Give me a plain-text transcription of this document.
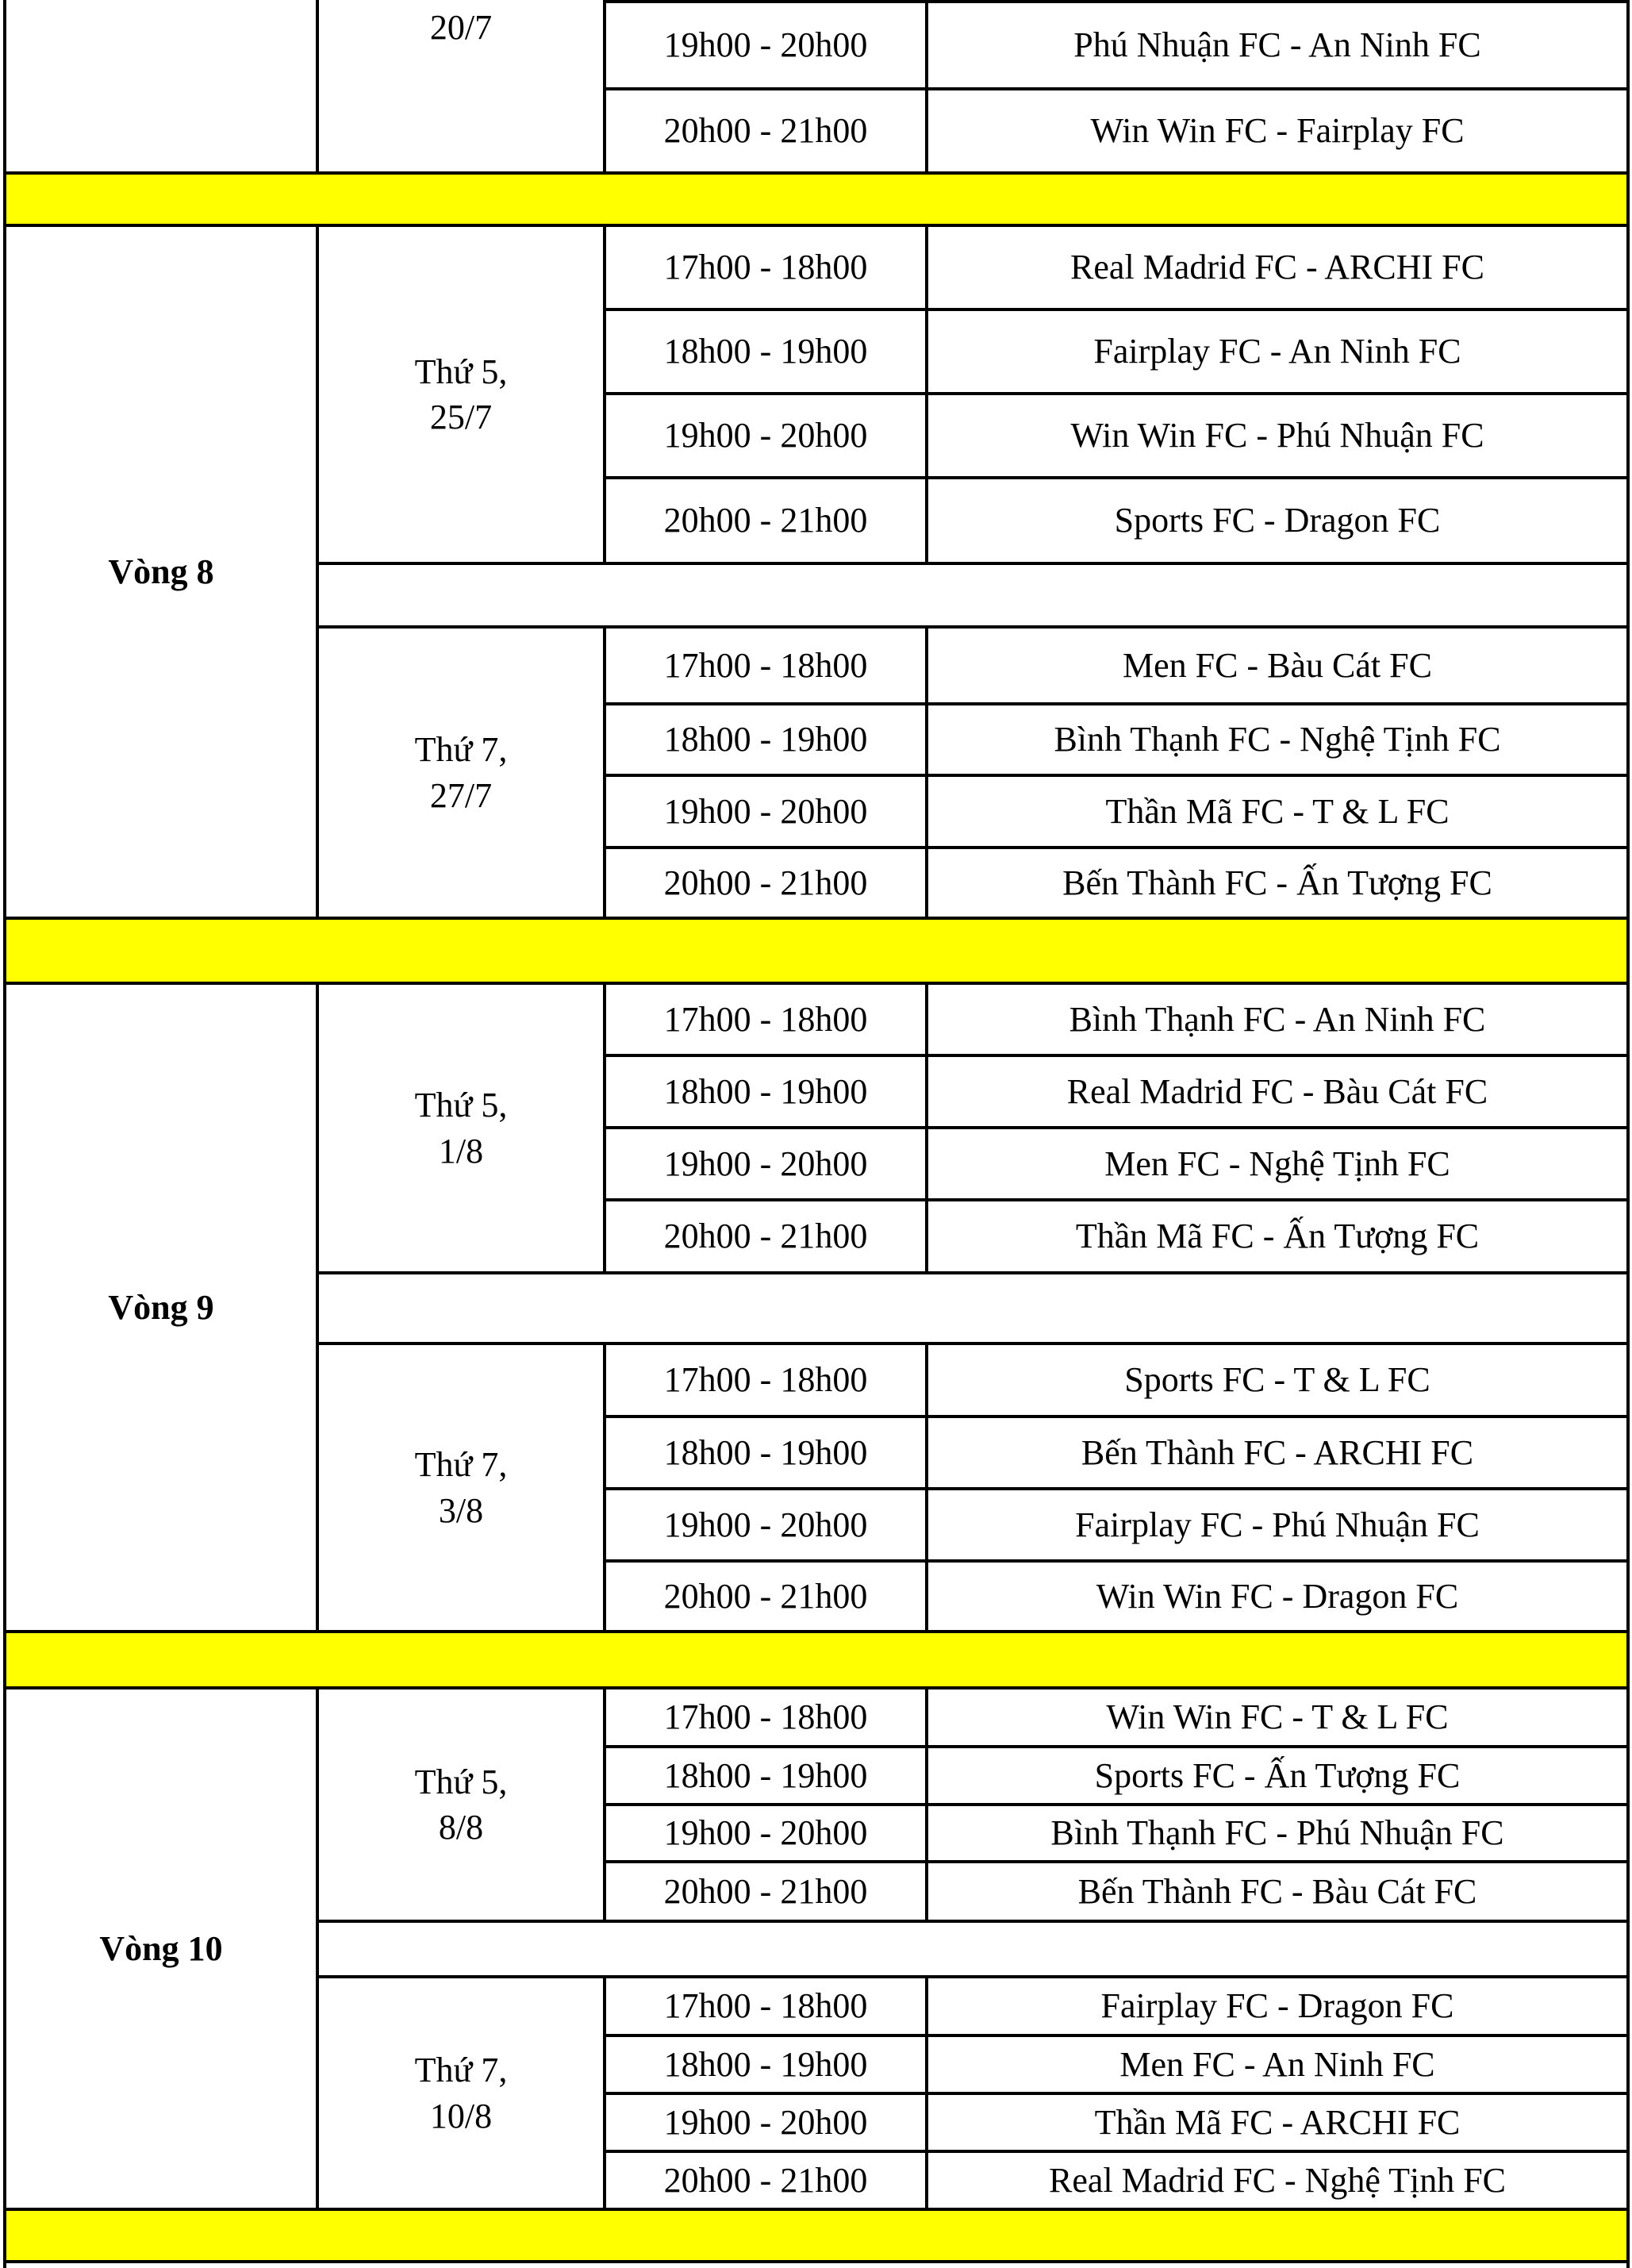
20/7	19h00 - 20h00	Phú Nhuận FC - An Ninh FC
20h00 - 21h00	Win Win FC - Fairplay FC
Vòng 8
Thứ 5,
25/7
17h00 - 18h00	Real Madrid FC - ARCHI FC
18h00 - 19h00	Fairplay FC - An Ninh FC
19h00 - 20h00	Win Win FC - Phú Nhuận FC
20h00 - 21h00	Sports FC - Dragon FC
Thứ 7,
27/7
17h00 - 18h00	Men FC - Bàu Cát FC
18h00 - 19h00	Bình Thạnh FC - Nghệ Tịnh FC
19h00 - 20h00	Thần Mã FC - T & L FC
20h00 - 21h00	Bến Thành FC - Ấn Tượng FC
Vòng 9
Thứ 5,
1/8
17h00 - 18h00	Bình Thạnh FC - An Ninh FC
18h00 - 19h00	Real Madrid FC - Bàu Cát FC
19h00 - 20h00	Men FC - Nghệ Tịnh FC
20h00 - 21h00	Thần Mã FC - Ấn Tượng FC
Thứ 7,
3/8
17h00 - 18h00	Sports FC - T & L FC
18h00 - 19h00	Bến Thành FC - ARCHI FC
19h00 - 20h00	Fairplay FC - Phú Nhuận FC
20h00 - 21h00	Win Win FC - Dragon FC
Vòng 10
Thứ 5,
8/8
17h00 - 18h00	Win Win FC - T & L FC
18h00 - 19h00	Sports FC - Ấn Tượng FC
19h00 - 20h00	Bình Thạnh FC - Phú Nhuận FC
20h00 - 21h00	Bến Thành FC - Bàu Cát FC
Thứ 7,
10/8
17h00 - 18h00	Fairplay FC - Dragon FC
18h00 - 19h00	Men FC - An Ninh FC
19h00 - 20h00	Thần Mã FC - ARCHI FC
20h00 - 21h00	Real Madrid FC - Nghệ Tịnh FC
